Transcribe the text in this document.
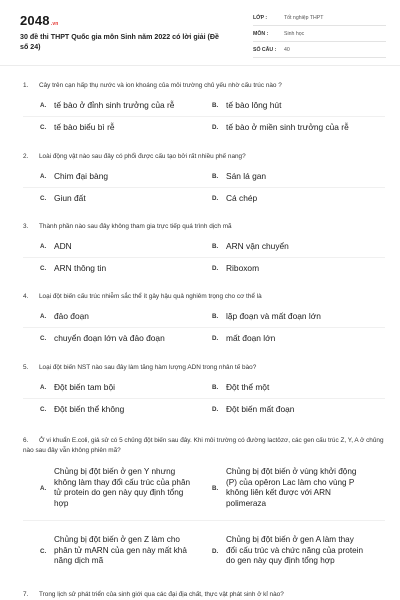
2048.vn
30 đề thi THPT Quốc gia môn Sinh năm 2022 có lời giải (Đề số 24)
LỚP :	Tốt nghiệp THPT
MÔN :	Sinh học
SỐ CÂU : 40
1. Cây trên cạn hấp thụ nước và ion khoáng của môi trường chủ yếu nhờ cấu trúc nào ?
A. tế bào ở đỉnh sinh trưởng của rễ	B. tế bào lông hút
C. tế bào biểu bì rễ	D. tế bào ở miền sinh trưởng của rễ
2. Loài động vật nào sau đây có phổi được cấu tạo bởi rất nhiều phế nang?
A. Chim đại bàng	B. Sán lá gan
C. Giun đất	D. Cá chép
3. Thành phần nào sau đây không tham gia trực tiếp quá trình dịch mã
A. ADN	B. ARN vận chuyển
C. ARN thông tin	D. Riboxom
4. Loại đột biến cấu trúc nhiễm sắc thể ít gây hậu quả nghiêm trọng cho cơ thể là
A. đảo đoạn	B. lặp đoạn và mất đoạn lớn
C. chuyển đoạn lớn và đảo đoạn	D. mất đoạn lớn
5. Loại đột biến NST nào sau đây làm tăng hàm lượng ADN trong nhân tế bào?
A. Đột biến tam bội	B. Đột thể một
C. Đột biến thể không	D. Đột biến mất đoạn
6. Ở vi khuẩn E.coli, giả sử có 5 chủng đột biến sau đây. Khi môi trường có đường lactôzơ, các gen cấu trúc Z, Y, A ở chủng nào sau đây vẫn không phiên mã?
A.
Chủng bị đột biến ở gen Y nhưng không làm thay đổi cấu trúc của phân tử protein do gen này quy định tổng hợp
B.
Chủng bị đột biến ở vùng khởi động (P) của opêron Lac làm cho vùng P không liên kết được với ARN polimeraza
C.
Chủng bị đột biến ở gen Z làm cho phân tử mARN của gen này mất khả năng dịch mã
D.
Chủng bị đột biến ở gen A làm thay đổi cấu trúc và chức năng của protein do gen này quy định tổng hợp
7. Trong lịch sử phát triển của sinh giới qua các đại địa chất, thực vật phát sinh ở kỉ nào?
